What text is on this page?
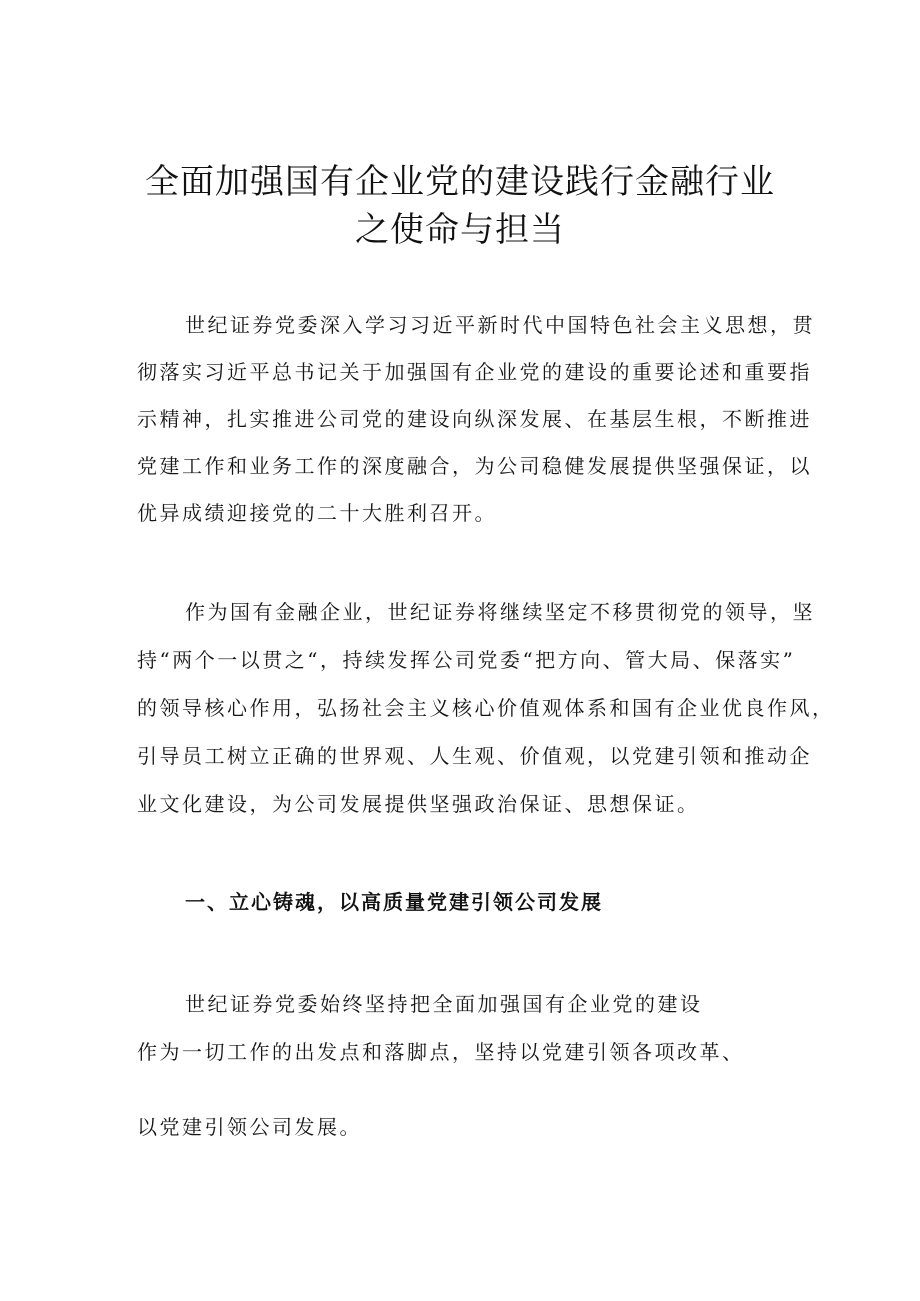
全面加强国有企业党的建设践行金融行业
之使命与担当
世纪证券党委深入学习习近平新时代中国特色社会主义思想，贯
彻落实习近平总书记关于加强国有企业党的建设的重要论述和重要指
示精神，扎实推进公司党的建设向纵深发展、在基层生根，不断推进
党建工作和业务工作的深度融合，为公司稳健发展提供坚强保证，以
优异成绩迎接党的二十大胜利召开。
作为国有金融企业，世纪证券将继续坚定不移贯彻党的领导，坚
持“两个一以贯之“，持续发挥公司党委“把方向、管大局、保落实”
的领导核心作用，弘扬社会主义核心价值观体系和国有企业优良作风，
引导员工树立正确的世界观、人生观、价值观，以党建引领和推动企
业文化建设，为公司发展提供坚强政治保证、思想保证。
一、立心铸魂，以高质量党建引领公司发展
世纪证券党委始终坚持把全面加强国有企业党的建设
作为一切工作的出发点和落脚点，坚持以党建引领各项改革、
以党建引领公司发展。
